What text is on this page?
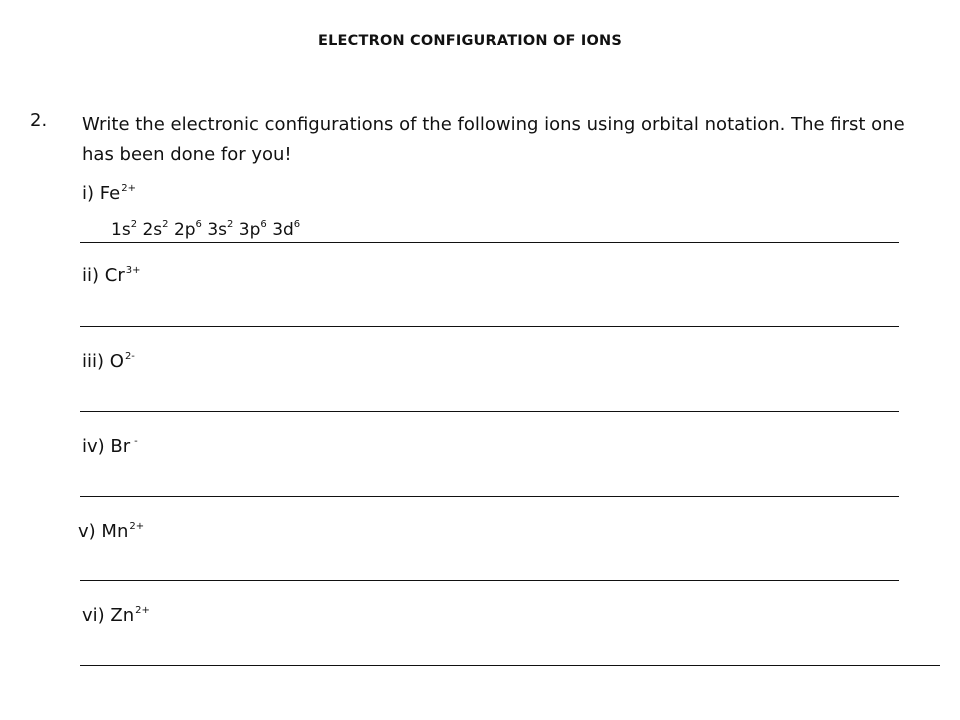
ELECTRON CONFIGURATION OF IONS
2. Write the electronic configurations of the following ions using orbital notation. The first one has been done for you!
i) $Fe^{2+}$
$1s^2$ $2s^2$ $2p^6$ $3s^2$ $3p^6$ $3d^6$
ii) $Cr^{3+}$
iii) $O^{2-}$
iv) Br -
v) $Mn^{2+}$
vi) $Zn^{2+}$
